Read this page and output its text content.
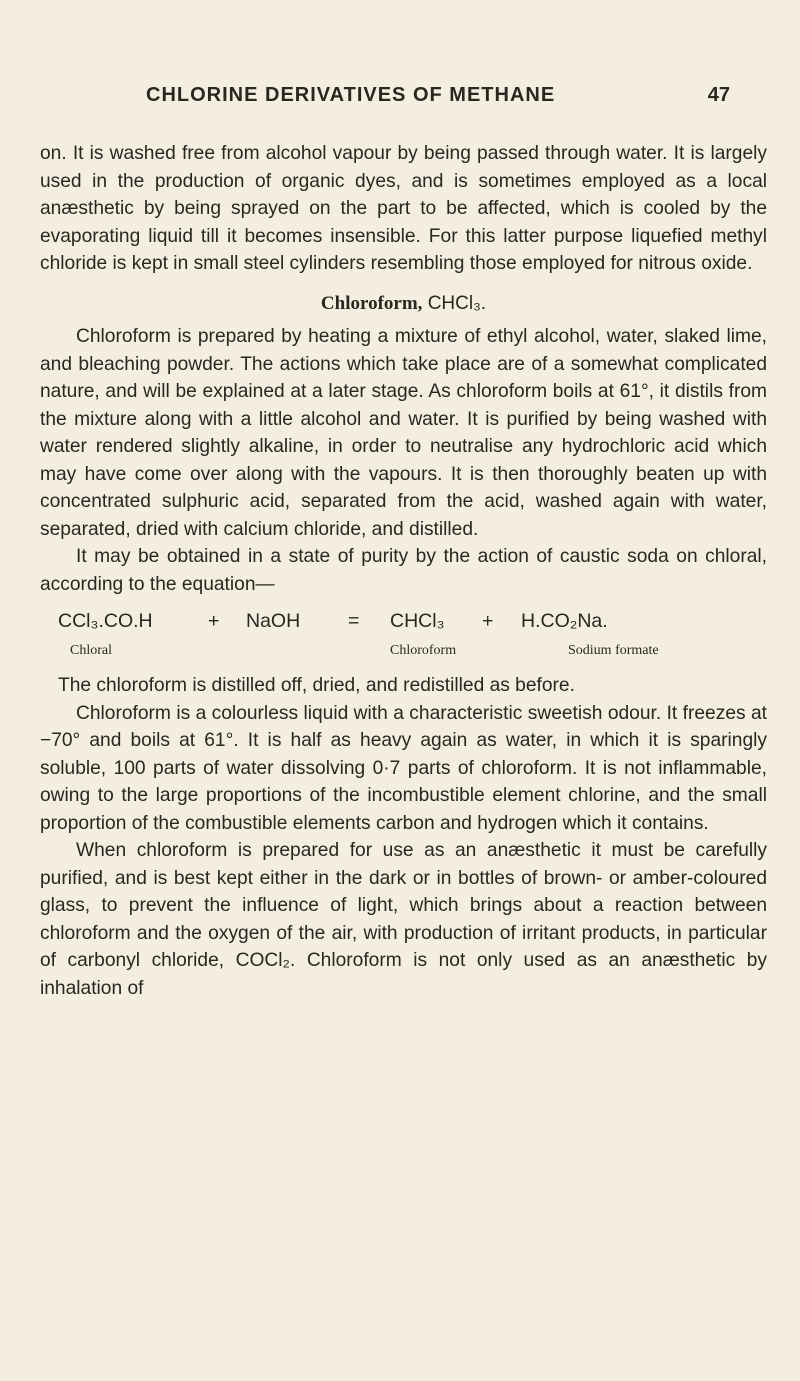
CHLORINE DERIVATIVES OF METHANE	47

on. It is washed free from alcohol vapour by being passed through water. It is largely used in the production of organic dyes, and is sometimes employed as a local anæsthetic by being sprayed on the part to be affected, which is cooled by the evaporating liquid till it becomes insensible. For this latter purpose liquefied methyl chloride is kept in small steel cylinders resembling those employed for nitrous oxide.

Chloroform, CHCl₃.

Chloroform is prepared by heating a mixture of ethyl alcohol, water, slaked lime, and bleaching powder. The actions which take place are of a somewhat complicated nature, and will be explained at a later stage. As chloroform boils at 61°, it distils from the mixture along with a little alcohol and water. It is purified by being washed with water rendered slightly alkaline, in order to neutralise any hydrochloric acid which may have come over along with the vapours. It is then thoroughly beaten up with concentrated sulphuric acid, separated from the acid, washed again with water, separated, dried with calcium chloride, and distilled.

It may be obtained in a state of purity by the action of caustic soda on chloral, according to the equation—

CCl₃.CO.H	+ NaOH = CHCl₃ + H.CO₂Na.
Chloral	Chloroform	Sodium formate

The chloroform is distilled off, dried, and redistilled as before.

Chloroform is a colourless liquid with a characteristic sweetish odour. It freezes at −70° and boils at 61°. It is half as heavy again as water, in which it is sparingly soluble, 100 parts of water dissolving 0·7 parts of chloroform. It is not inflammable, owing to the large proportions of the incombustible element chlorine, and the small proportion of the combustible elements carbon and hydrogen which it contains.

When chloroform is prepared for use as an anæsthetic it must be carefully purified, and is best kept either in the dark or in bottles of brown- or amber-coloured glass, to prevent the influence of light, which brings about a reaction between chloroform and the oxygen of the air, with production of irritant products, in particular of carbonyl chloride, COCl₂. Chloroform is not only used as an anæsthetic by inhalation of
